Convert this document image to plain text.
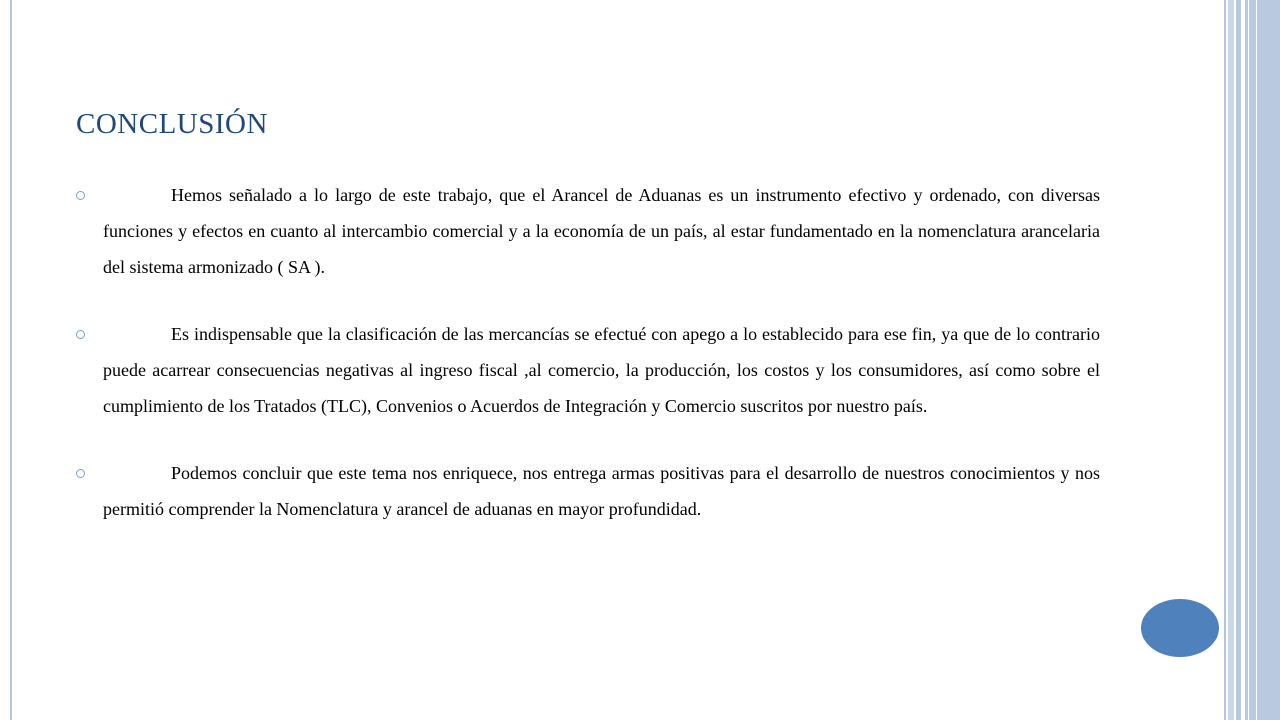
CONCLUSIÓN
Hemos señalado a lo largo de este trabajo, que el Arancel de Aduanas es un instrumento efectivo y ordenado, con diversas funciones y efectos en cuanto al intercambio comercial y a la economía de un país, al estar fundamentado en la nomenclatura arancelaria del sistema armonizado ( SA ).
Es indispensable que la clasificación de las mercancías se efectué con apego a lo establecido para ese fin, ya que de lo contrario puede acarrear consecuencias negativas al ingreso fiscal ,al comercio, la producción, los costos y los consumidores, así como sobre el cumplimiento de los Tratados (TLC), Convenios o Acuerdos de Integración y Comercio suscritos por nuestro país.
Podemos concluir que este tema nos enriquece, nos entrega armas positivas para el desarrollo de nuestros conocimientos y nos permitió comprender la Nomenclatura y arancel de aduanas en mayor profundidad.
